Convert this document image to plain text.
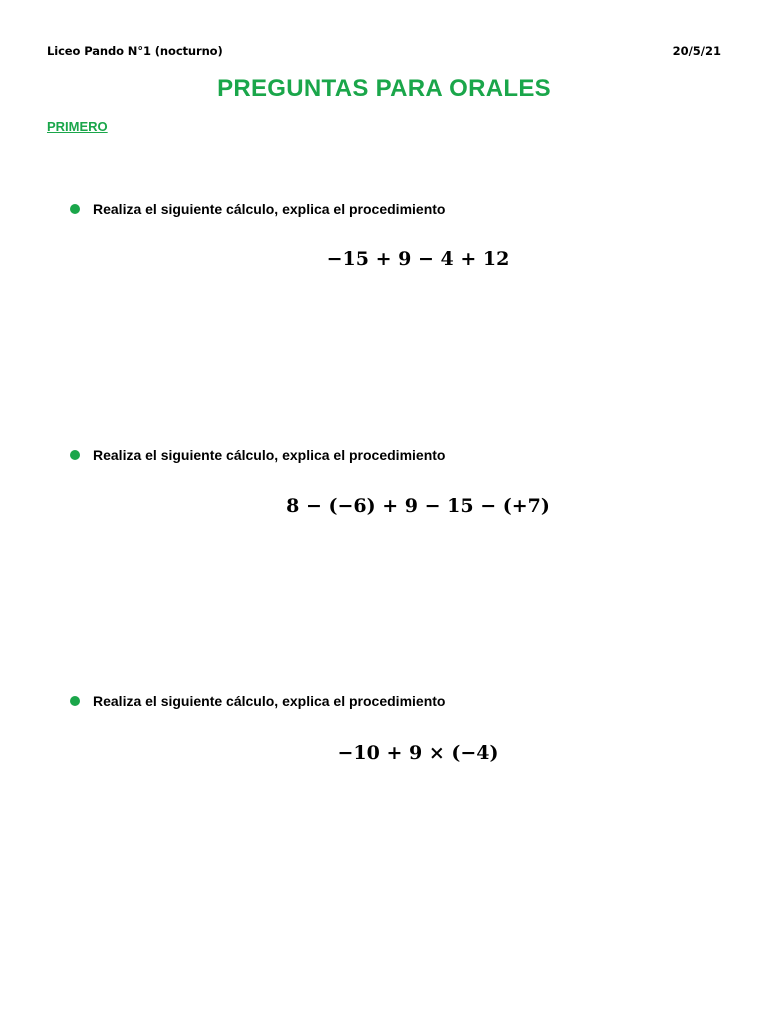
Liceo Pando N°1 (nocturno)	20/5/21
PREGUNTAS PARA ORALES
PRIMERO
Realiza el siguiente cálculo, explica el procedimiento
−15 + 9 − 4 + 12
Realiza el siguiente cálculo, explica el procedimiento
8 − (−6) + 9 − 15 − (+7)
Realiza el siguiente cálculo, explica el procedimiento
−10 + 9 × (−4)
